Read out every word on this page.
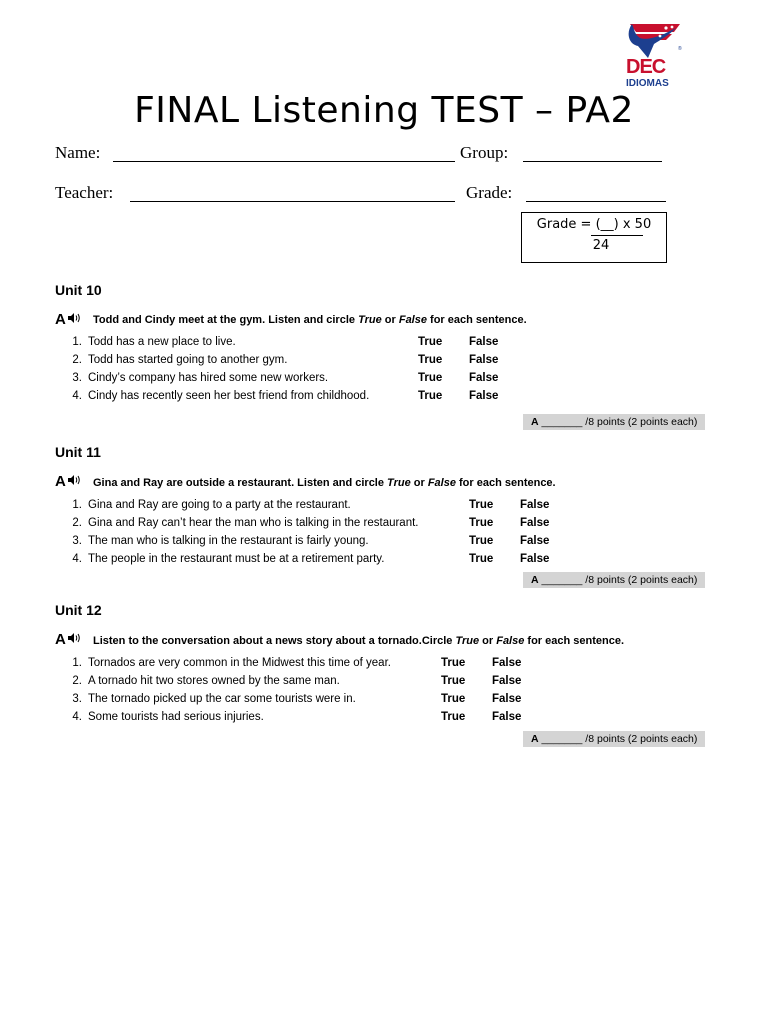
®
DEC
IDIOMAS
FINAL Listening TEST – PA2
Name:	Group:
Teacher:	Grade:
Grade = (__) x 50
24
Unit 10
A	Todd and Cindy meet at the gym. Listen and circle True or False for each sentence.
1. Todd has a new place to live.	True False
2. Todd has started going to another gym.	True False
3. Cindy’s company has hired some new workers.	True False
4. Cindy has recently seen her best friend from childhood.	True False
A _______ /8 points (2 points each)
Unit 11
A	Gina and Ray are outside a restaurant. Listen and circle True or False for each sentence.
1. Gina and Ray are going to a party at the restaurant.	True False
2. Gina and Ray can’t hear the man who is talking in the restaurant.	True False
3. The man who is talking in the restaurant is fairly young.	True False
4. The people in the restaurant must be at a retirement party.	True False
A _______ /8 points (2 points each)
Unit 12
A	Listen to the conversation about a news story about a tornado.Circle True or False for each sentence.
1. Tornados are very common in the Midwest this time of year.	True False
2. A tornado hit two stores owned by the same man.	True False
3. The tornado picked up the car some tourists were in.	True False
4. Some tourists had serious injuries.	True False
A _______ /8 points (2 points each)
